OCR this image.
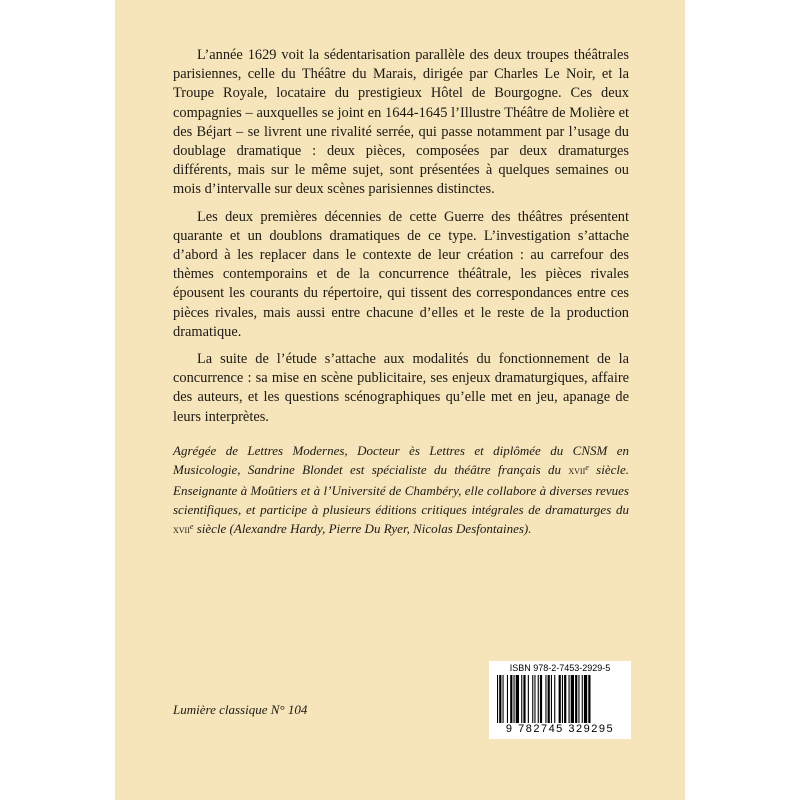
L’année 1629 voit la sédentarisation parallèle des deux troupes théâtrales parisiennes, celle du Théâtre du Marais, dirigée par Charles Le Noir, et la Troupe Royale, locataire du prestigieux Hôtel de Bourgogne. Ces deux compagnies – auxquelles se joint en 1644-1645 l’Illustre Théâtre de Molière et des Béjart – se livrent une rivalité serrée, qui passe notamment par l’usage du doublage dramatique : deux pièces, composées par deux dramaturges différents, mais sur le même sujet, sont présentées à quelques semaines ou mois d’intervalle sur deux scènes parisiennes distinctes.

Les deux premières décennies de cette Guerre des théâtres présentent quarante et un doublons dramatiques de ce type. L’investigation s’attache d’abord à les replacer dans le contexte de leur création : au carrefour des thèmes contemporains et de la concurrence théâtrale, les pièces rivales épousent les courants du répertoire, qui tissent des correspondances entre ces pièces rivales, mais aussi entre chacune d’elles et le reste de la production dramatique.

La suite de l’étude s’attache aux modalités du fonctionnement de la concurrence : sa mise en scène publicitaire, ses enjeux dramaturgiques, affaire des auteurs, et les questions scénographiques qu’elle met en jeu, apanage de leurs interprètes.

Agrégée de Lettres Modernes, Docteur ès Lettres et diplômée du CNSM en Musicologie, Sandrine Blondet est spécialiste du théâtre français du xvii$^e$ siècle. Enseignante à Moûtiers et à l’Université de Chambéry, elle collabore à diverses revues scientifiques, et participe à plusieurs éditions critiques intégrales de dramaturges du xvii$^e$ siècle (Alexandre Hardy, Pierre Du Ryer, Nicolas Desfontaines).

Lumière classique N° 104
ISBN 978-2-7453-2929-5
9 782745 329295
